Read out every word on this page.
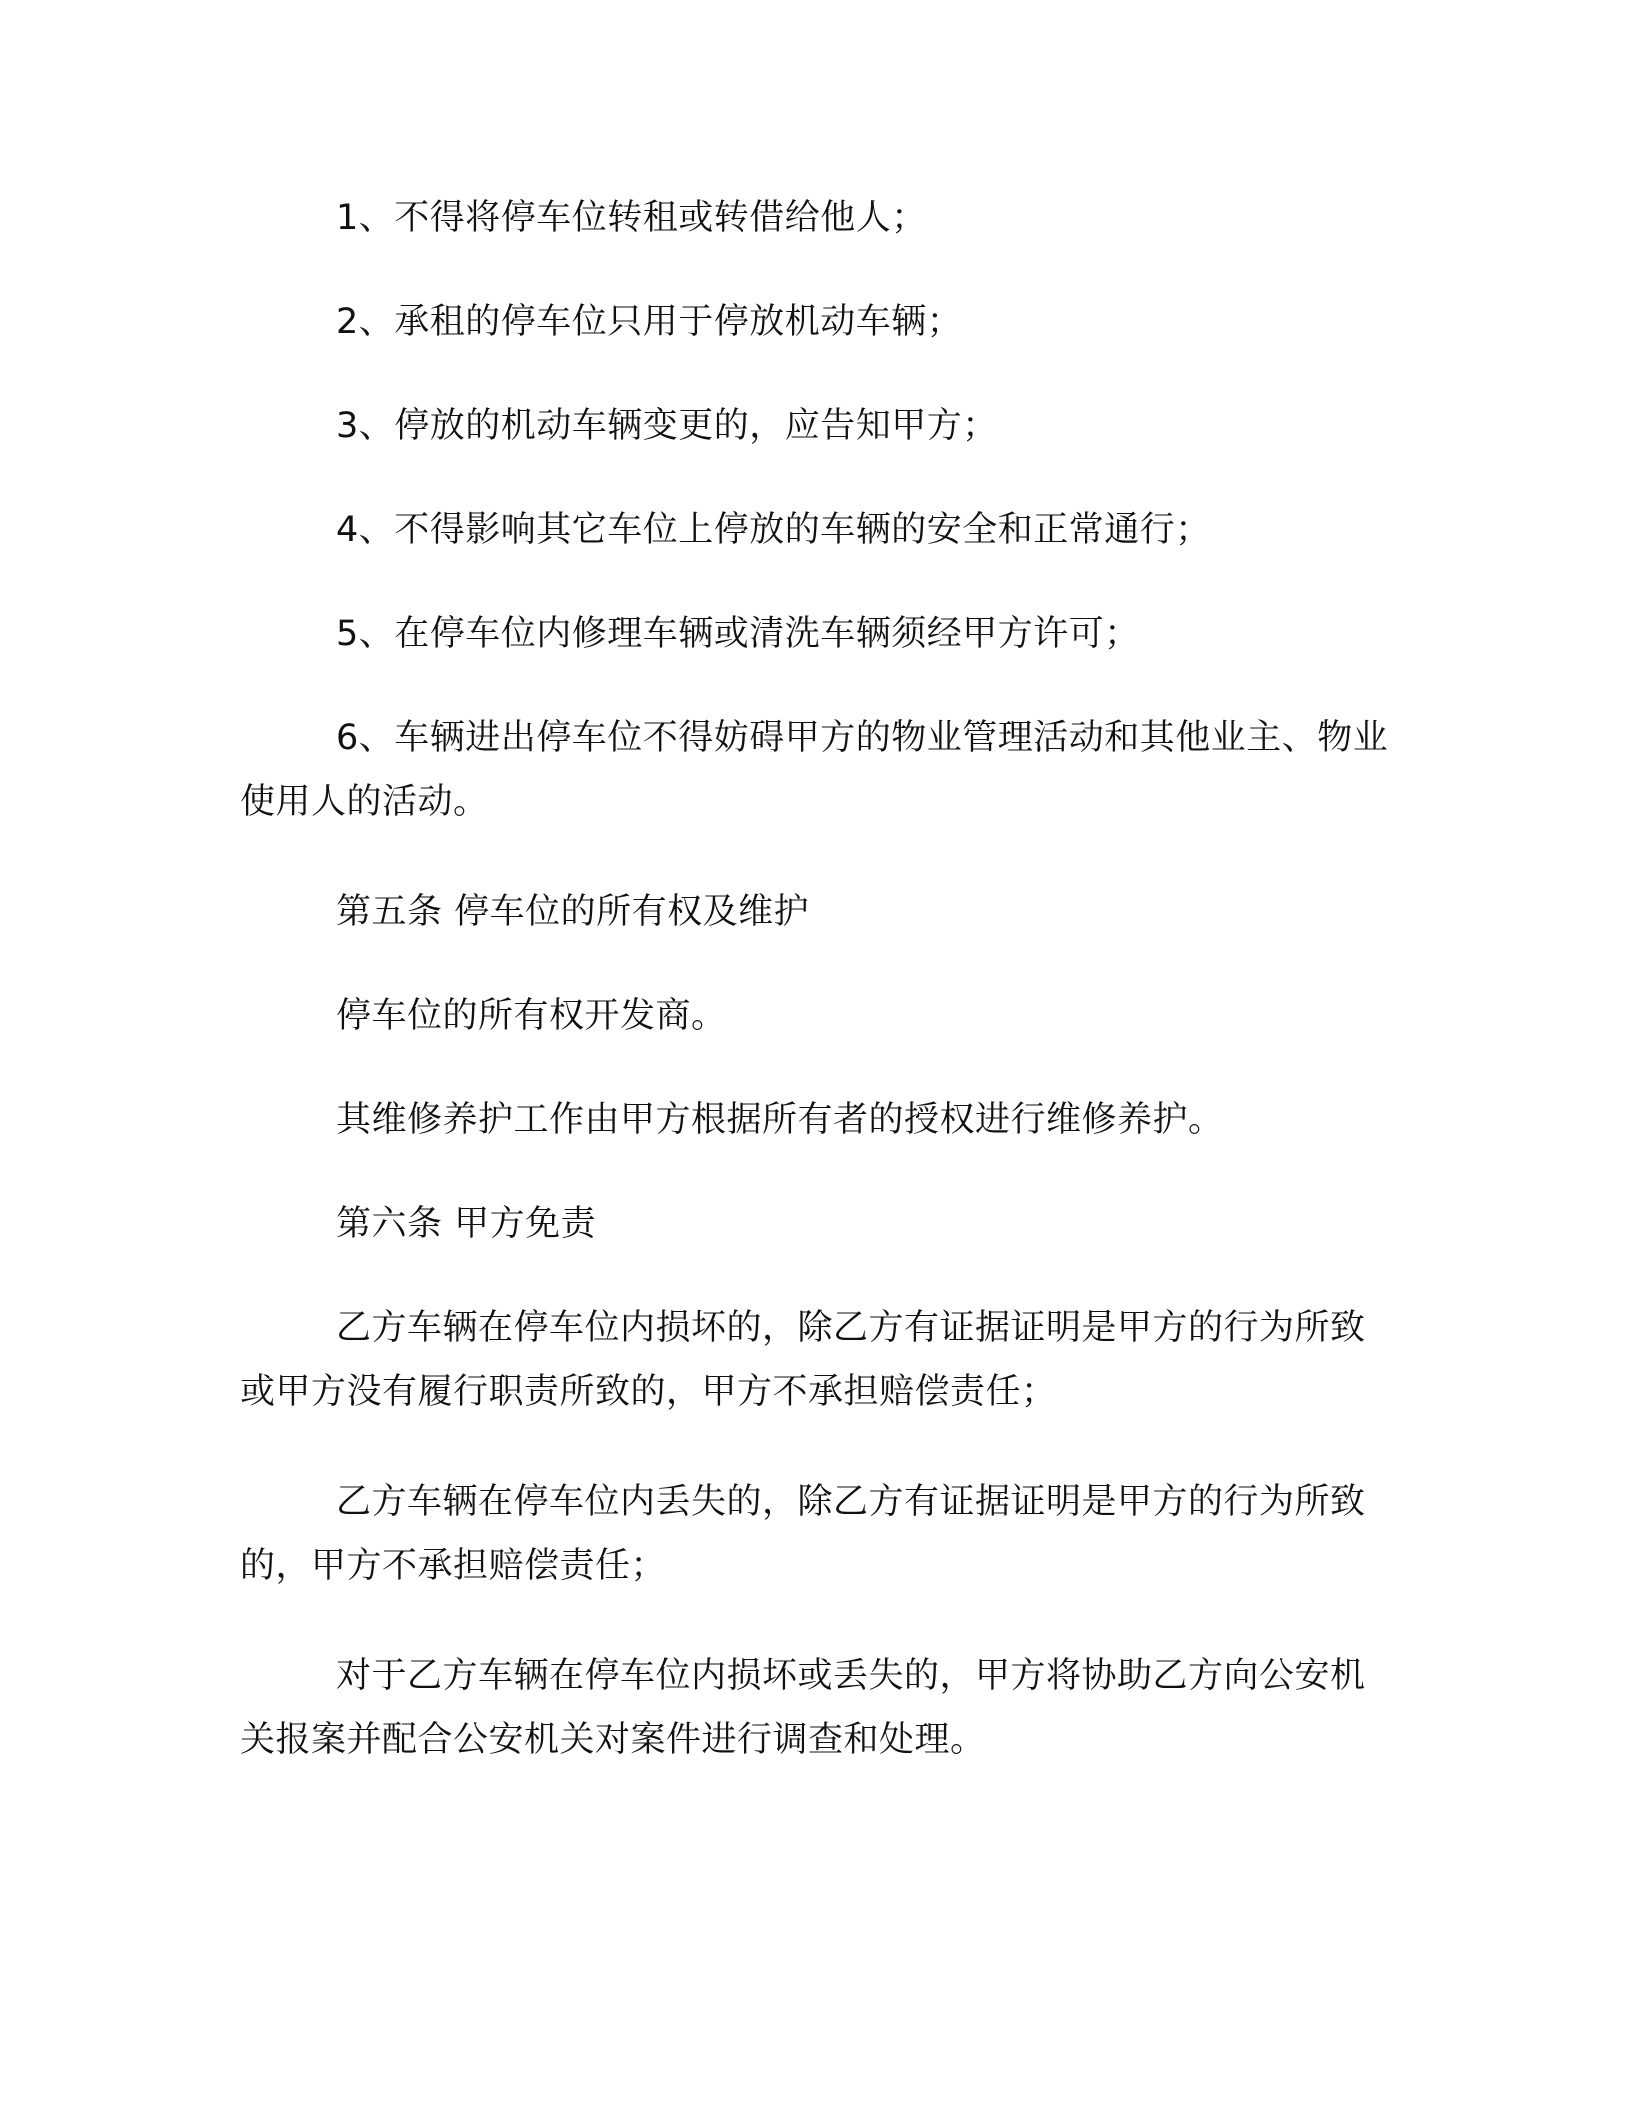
1、不得将停车位转租或转借给他人；

2、承租的停车位只用于停放机动车辆；

3、停放的机动车辆变更的，应告知甲方；

4、不得影响其它车位上停放的车辆的安全和正常通行；

5、在停车位内修理车辆或清洗车辆须经甲方许可；

6、车辆进出停车位不得妨碍甲方的物业管理活动和其他业主、物业使用人的活动。

第五条 停车位的所有权及维护

停车位的所有权开发商。

其维修养护工作由甲方根据所有者的授权进行维修养护。

第六条 甲方免责

乙方车辆在停车位内损坏的，除乙方有证据证明是甲方的行为所致或甲方没有履行职责所致的，甲方不承担赔偿责任；

乙方车辆在停车位内丢失的，除乙方有证据证明是甲方的行为所致的，甲方不承担赔偿责任；

对于乙方车辆在停车位内损坏或丢失的，甲方将协助乙方向公安机关报案并配合公安机关对案件进行调查和处理。
